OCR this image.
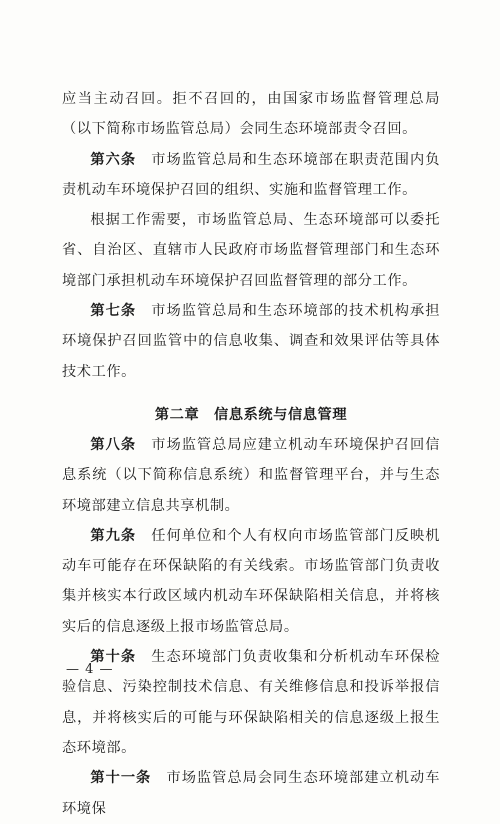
应当主动召回。拒不召回的，由国家市场监督管理总局（以下简称市场监管总局）会同生态环境部责令召回。

第六条　市场监管总局和生态环境部在职责范围内负责机动车环境保护召回的组织、实施和监督管理工作。

根据工作需要，市场监管总局、生态环境部可以委托省、自治区、直辖市人民政府市场监督管理部门和生态环境部门承担机动车环境保护召回监督管理的部分工作。

第七条　市场监管总局和生态环境部的技术机构承担环境保护召回监管中的信息收集、调查和效果评估等具体技术工作。

第二章　信息系统与信息管理

第八条　市场监管总局应建立机动车环境保护召回信息系统（以下简称信息系统）和监督管理平台，并与生态环境部建立信息共享机制。

第九条　任何单位和个人有权向市场监管部门反映机动车可能存在环保缺陷的有关线索。市场监管部门负责收集并核实本行政区域内机动车环保缺陷相关信息，并将核实后的信息逐级上报市场监管总局。

第十条　生态环境部门负责收集和分析机动车环保检验信息、污染控制技术信息、有关维修信息和投诉举报信息，并将核实后的可能与环保缺陷相关的信息逐级上报生态环境部。

第十一条　市场监管总局会同生态环境部建立机动车环境保

— 4 —
